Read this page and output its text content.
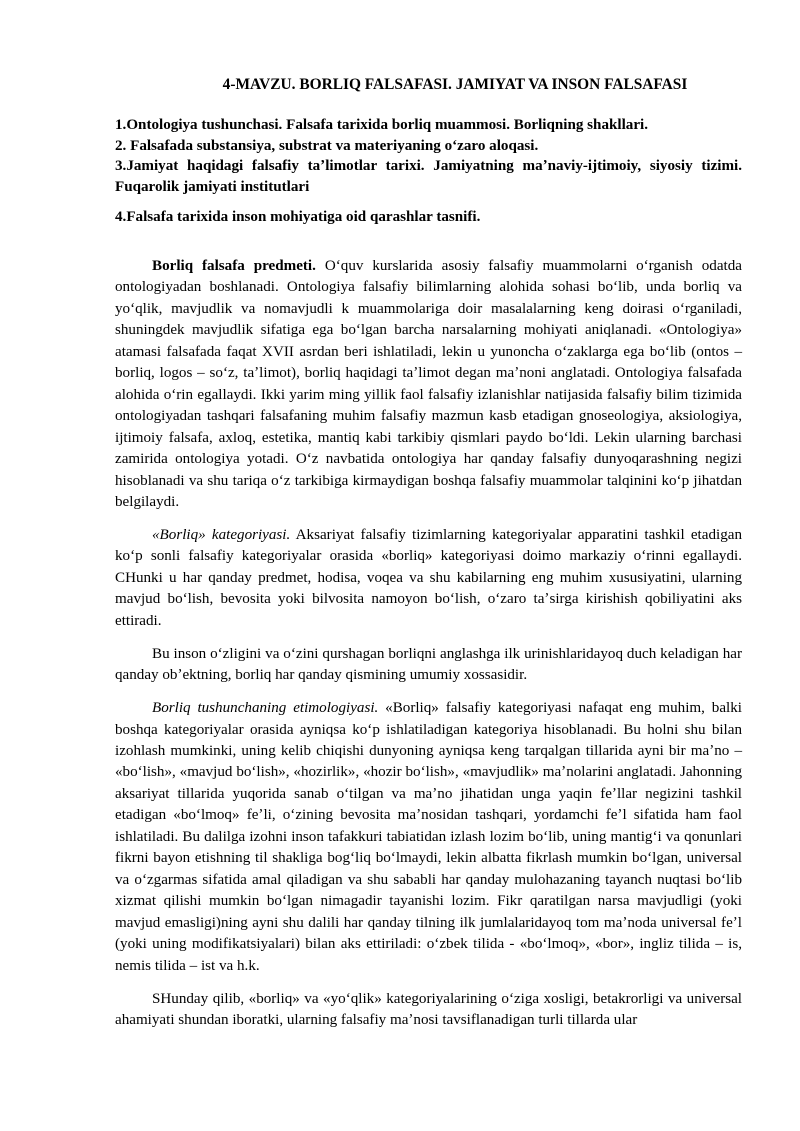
4-MAVZU. BORLIQ FALSAFASI. JAMIYAT VA INSON FALSAFASI

1.Ontologiya tushunchasi. Falsafa tarixida borliq muammosi. Borliqning shakllari.

2. Falsafada substansiya, substrat va materiyaning oʻzaro aloqasi.

3.Jamiyat haqidagi falsafiy taʼlimotlar tarixi. Jamiyatning maʼnaviy-ijtimoiy, siyosiy tizimi. Fuqarolik jamiyati institutlari

4.Falsafa tarixida inson mohiyatiga oid qarashlar tasnifi.

Borliq falsafa predmeti. Oʻquv kurslarida asosiy falsafiy muammolarni oʻrganish odatda ontologiyadan boshlanadi. Ontologiya falsafiy bilimlarning alohida sohasi boʻlib, unda borliq va yoʻqlik, mavjudlik va nomavjudli k muammolariga doir masalalarning keng doirasi oʻrganiladi, shuningdek mavjudlik sifatiga ega boʻlgan barcha narsalarning mohiyati aniqlanadi. «Ontologiya» atamasi falsafada faqat XVII asrdan beri ishlatiladi, lekin u yunoncha oʻzaklarga ega boʻlib (ontos – borliq, logos – soʻz, taʼlimot), borliq haqidagi taʼlimot degan maʼnoni anglatadi. Ontologiya falsafada alohida oʻrin egallaydi. Ikki yarim ming yillik faol falsafiy izlanishlar natijasida falsafiy bilim tizimida ontologiyadan tashqari falsafaning muhim falsafiy mazmun kasb etadigan gnoseologiya, aksiologiya, ijtimoiy falsafa, axloq, estetika, mantiq kabi tarkibiy qismlari paydo boʻldi. Lekin ularning barchasi zamirida ontologiya yotadi. Oʻz navbatida ontologiya har qanday falsafiy dunyoqarashning negizi hisoblanadi va shu tariqa oʻz tarkibiga kirmaydigan boshqa falsafiy muammolar talqinini koʻp jihatdan belgilaydi.

«Borliq» kategoriyasi. Aksariyat falsafiy tizimlarning kategoriyalar apparatini tashkil etadigan koʻp sonli falsafiy kategoriyalar orasida «borliq» kategoriyasi doimo markaziy oʻrinni egallaydi. CHunki u har qanday predmet, hodisa, voqea va shu kabilarning eng muhim xususiyatini, ularning mavjud boʻlish, bevosita yoki bilvosita namoyon boʻlish, oʻzaro taʼsirga kirishish qobiliyatini aks ettiradi.

Bu inson oʻzligini va oʻzini qurshagan borliqni anglashga ilk urinishlaridayoq duch keladigan har qanday obʼektning, borliq har qanday qismining umumiy xossasidir.

Borliq tushunchaning etimologiyasi. «Borliq» falsafiy kategoriyasi nafaqat eng muhim, balki boshqa kategoriyalar orasida ayniqsa koʻp ishlatiladigan kategoriya hisoblanadi. Bu holni shu bilan izohlash mumkinki, uning kelib chiqishi dunyoning ayniqsa keng tarqalgan tillarida ayni bir maʼno – «boʻlish», «mavjud boʻlish», «hozirlik», «hozir boʻlish», «mavjudlik» maʼnolarini anglatadi. Jahonning aksariyat tillarida yuqorida sanab oʻtilgan va maʼno jihatidan unga yaqin feʼllar negizini tashkil etadigan «boʻlmoq» feʼli, oʻzining bevosita maʼnosidan tashqari, yordamchi feʼl sifatida ham faol ishlatiladi. Bu dalilga izohni inson tafakkuri tabiatidan izlash lozim boʻlib, uning mantigʻi va qonunlari fikrni bayon etishning til shakliga bogʻliq boʻlmaydi, lekin albatta fikrlash mumkin boʻlgan, universal va oʻzgarmas sifatida amal qiladigan va shu sababli har qanday mulohazaning tayanch nuqtasi boʻlib xizmat qilishi mumkin boʻlgan nimagadir tayanishi lozim. Fikr qaratilgan narsa mavjudligi (yoki mavjud emasligi)ning ayni shu dalili har qanday tilning ilk jumlalaridayoq tom maʼnoda universal feʼl (yoki uning modifikatsiyalari) bilan aks ettiriladi: oʻzbek tilida - «boʻlmoq», «bor», ingliz tilida – is, nemis tilida – ist va h.k.

SHunday qilib, «borliq» va «yoʻqlik» kategoriyalarining oʻziga xosligi, betakrorligi va universal ahamiyati shundan iboratki, ularning falsafiy maʼnosi tavsiflanadigan turli tillarda ular
